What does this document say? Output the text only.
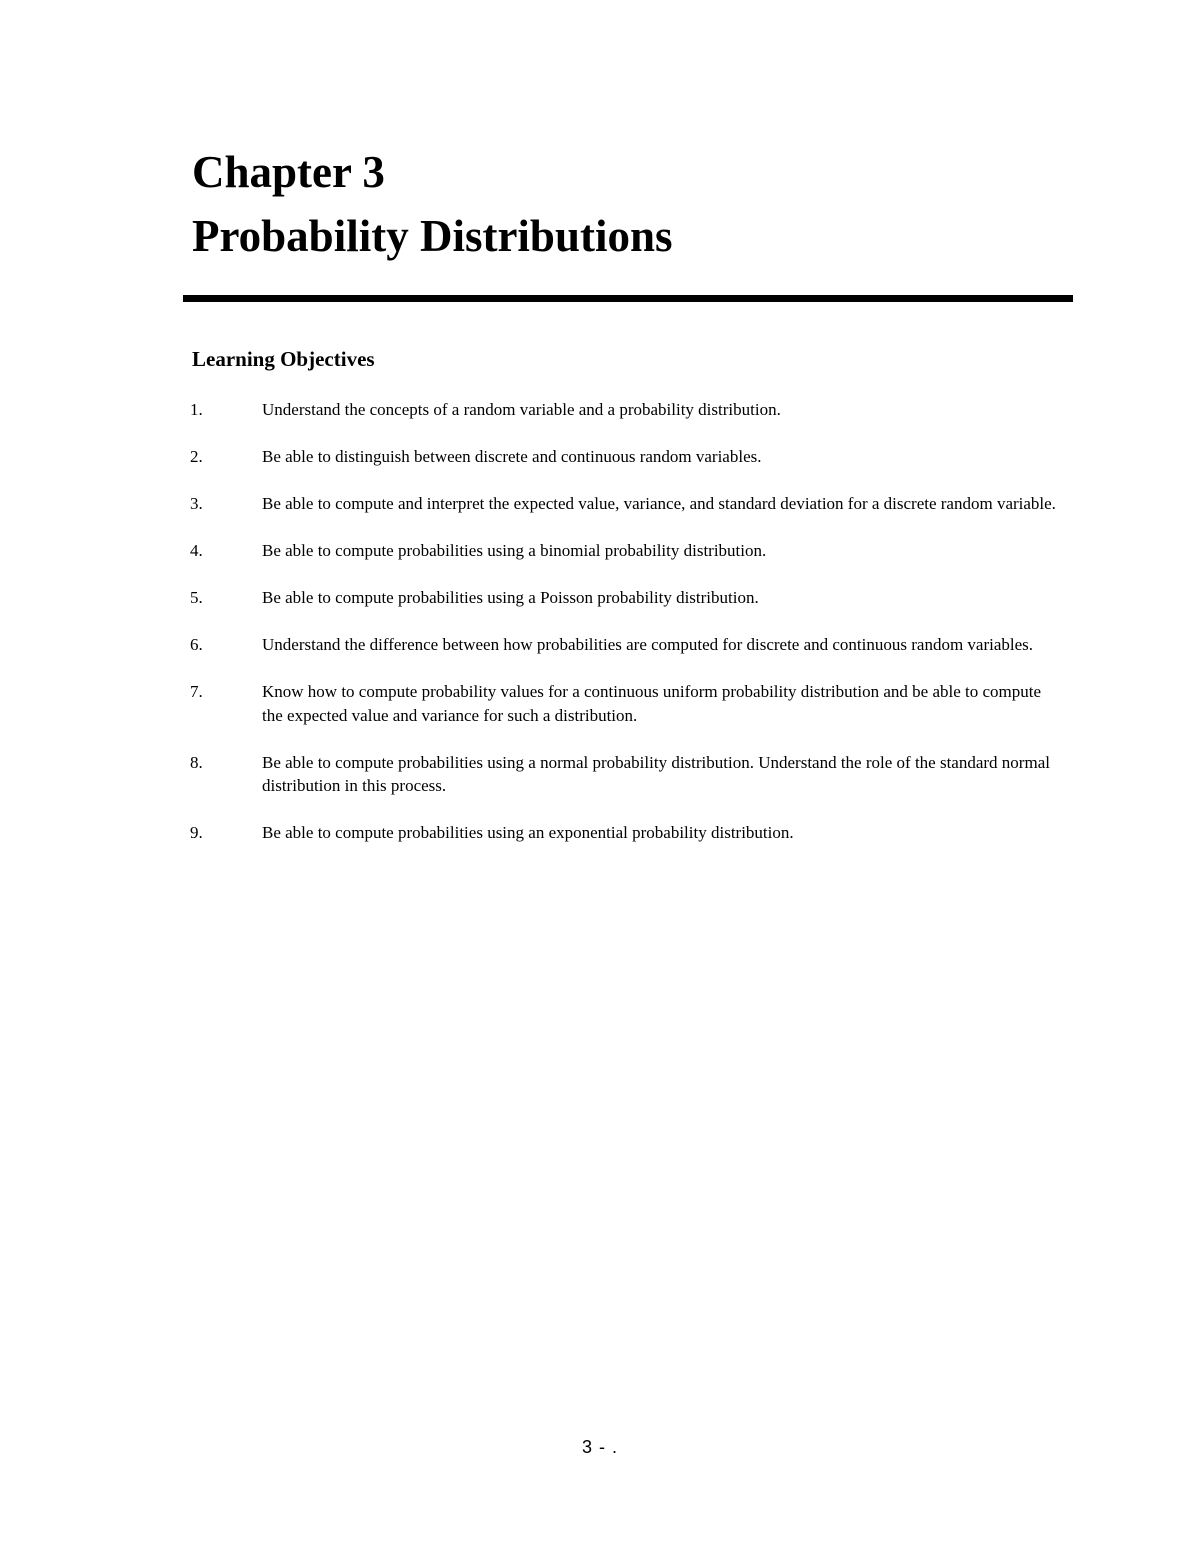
Chapter 3
Probability Distributions
Learning Objectives
1.	Understand the concepts of a random variable and a probability distribution.
2.	Be able to distinguish between discrete and continuous random variables.
3.	Be able to compute and interpret the expected value, variance, and standard deviation for a discrete random variable.
4.	Be able to compute probabilities using a binomial probability distribution.
5.	Be able to compute probabilities using a Poisson probability distribution.
6.	Understand the difference between how probabilities are computed for discrete and continuous random variables.
7.	Know how to compute probability values for a continuous uniform probability distribution and be able to compute the expected value and variance for such a distribution.
8.	Be able to compute probabilities using a normal probability distribution. Understand the role of the standard normal distribution in this process.
9.	Be able to compute probabilities using an exponential probability distribution.
3 - .
